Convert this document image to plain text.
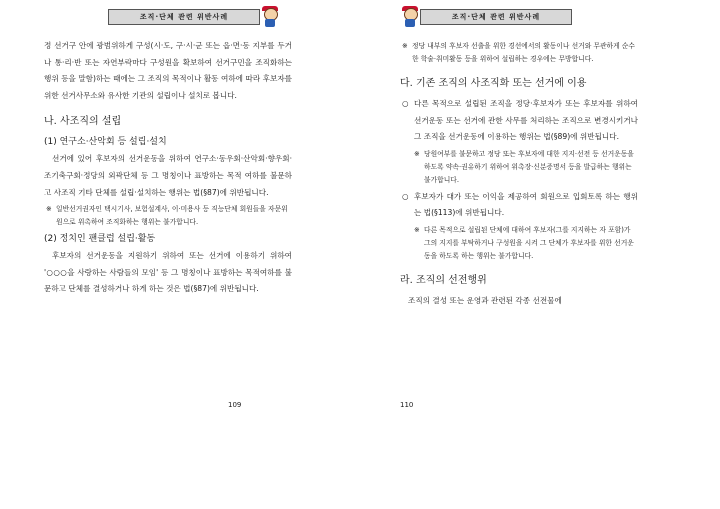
조직·단체 관련 위반사례

정 선거구 안에 광범위하게 구성(시·도, 구·시·군 또는 읍·면·동 지부를 두거나 통·리·반 또는 자연부락마다 구성원을 확보하여 선거구민을 조직화하는 행위 등을 말함)하는 때에는 그 조직의 목적이나 활동 여하에 따라 후보자를 위한 선거사무소와 유사한 기관의 설립이나 설치로 봅니다.

나. 사조직의 설립

(1) 연구소·산악회 등 설립·설치

선거에 있어 후보자의 선거운동을 위하여 연구소·동우회·산악회·향우회·조기축구회·정당의 외곽단체 등 그 명칭이나 표방하는 목적 여하를 불문하고 사조직 기타 단체를 설립·설치하는 행위는 법(§87)에 위반됩니다.

※ 일반선거권자인 택시기사, 보험설계사, 이·미용사 등 직능단체 회원들을 자문위원으로 위촉하여 조직화하는 행위는 불가합니다.

(2) 정치인 팬클럽 설립·활동

후보자의 선거운동을 지원하기 위하여 또는 선거에 이용하기 위하여 '○○○을 사랑하는 사람들의 모임' 등 그 명칭이나 표방하는 목적여하를 불문하고 단체를 결성하거나 하게 하는 것은 법(§87)에 위반됩니다.

109
조직·단체 관련 위반사례
※ 정당 내부의 후보자 선출을 위한 경선에서의 활동이나 선거와 무관하게 순수한 학술·취미활동 등을 위하여 설립하는 경우에는 무방합니다.

다. 기존 조직의 사조직화 또는 선거에 이용

○ 다른 목적으로 설립된 조직을 정당·후보자가 또는 후보자를 위하여 선거운동 또는 선거에 관한 사무를 처리하는 조직으로 변경시키거나 그 조직을 선거운동에 이용하는 행위는 법(§89)에 위반됩니다.
※ 당원여부를 불문하고 정당 또는 후보자에 대한 지지·선전 등 선거운동을 하도록 약속·권유하기 위하여 위촉장·신분증명서 등을 발급하는 행위는 불가합니다.
○ 후보자가 대가 또는 이익을 제공하여 회원으로 입회토록 하는 행위는 법(§113)에 위반됩니다.
※ 다른 목적으로 설립된 단체에 대하여 후보자(그를 지지하는 자 포함)가 그의 지지를 부탁하거나 구성원을 시켜 그 단체가 후보자를 위한 선거운동을 하도록 하는 행위는 불가합니다.

라. 조직의 선전행위

조직의 결성 또는 운영과 관련된 각종 선전물에

110
